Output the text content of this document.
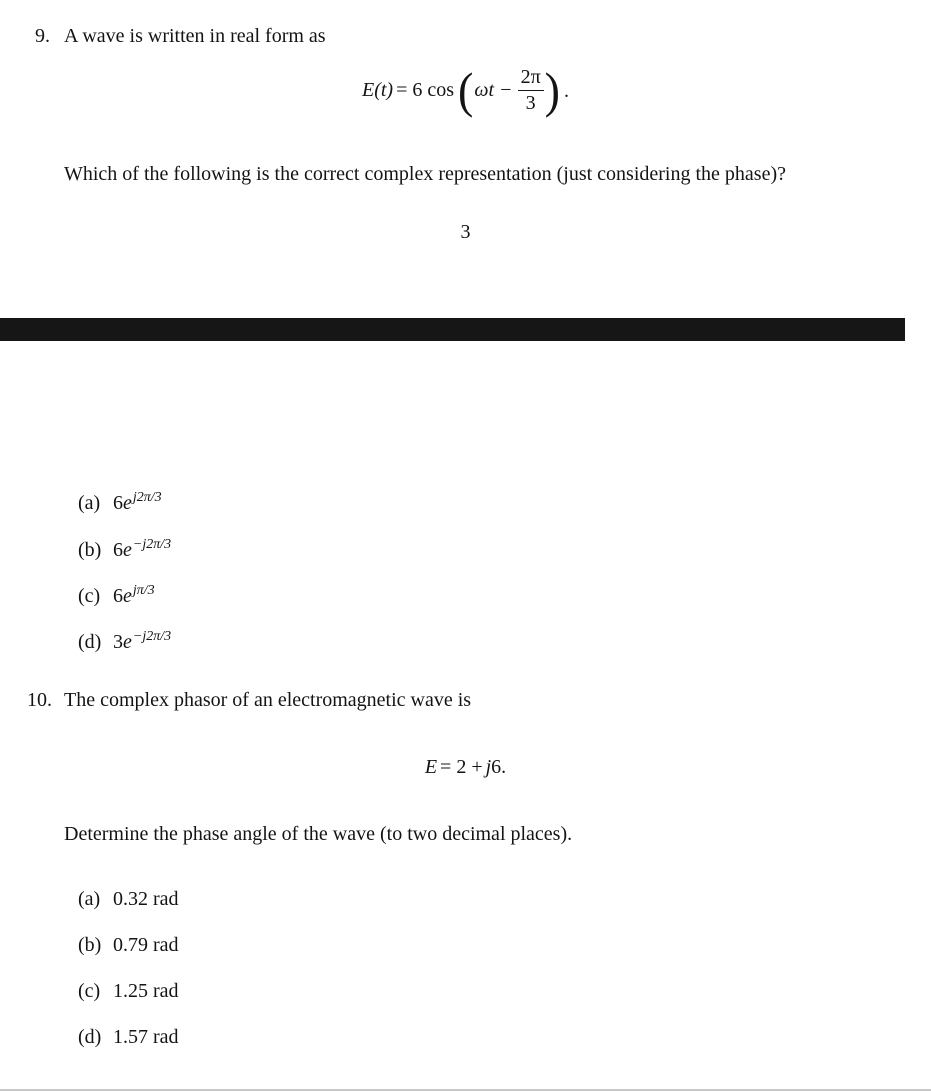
9. A wave is written in real form as
E(t) = 6 cos ( $\omega t - \frac{2\pi}{3}$ ) .
Which of the following is the correct complex representation (just considering the phase)?
3
(a) $6e^{j2\pi/3}$
(b) $6e^{-j2\pi/3}$
(c) $6e^{j\pi/3}$
(d) $3e^{-j2\pi/3}$
10. The complex phasor of an electromagnetic wave is
E = 2 + j 6.
Determine the phase angle of the wave (to two decimal places).
(a) 0.32 rad
(b) 0.79 rad
(c) 1.25 rad
(d) 1.57 rad
